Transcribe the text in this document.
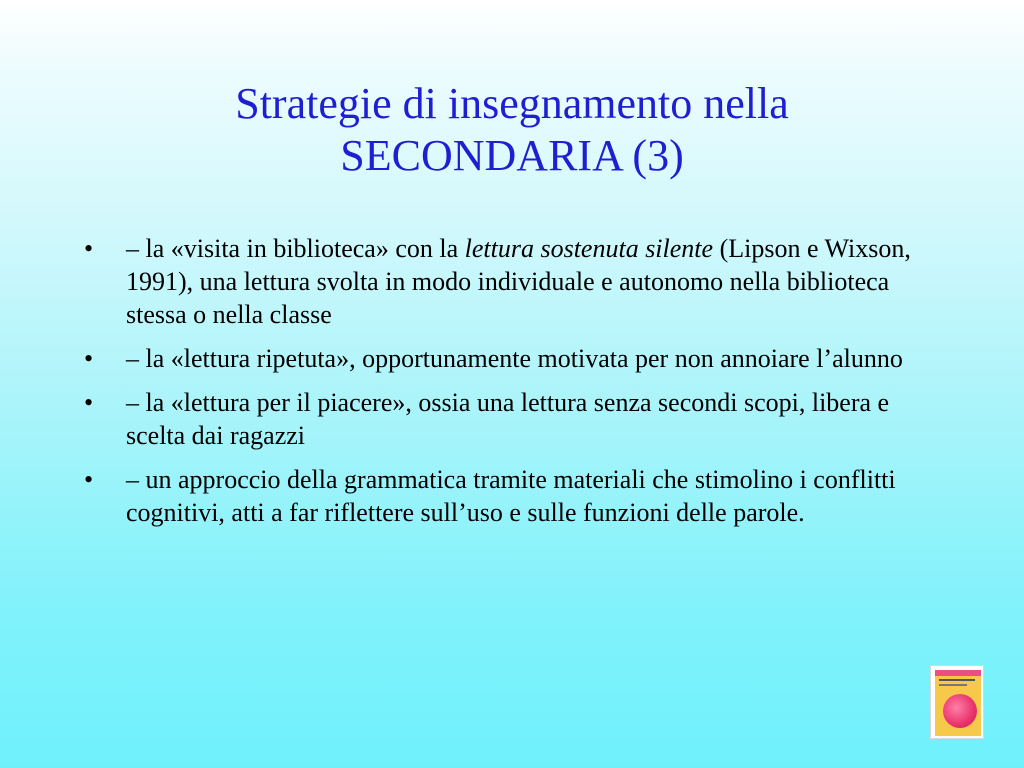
Strategie di insegnamento nella
SECONDARIA (3)
•	– la «visita in biblioteca» con la lettura sostenuta silente (Lipson e Wixson, 1991), una lettura svolta in modo individuale e autonomo nella biblioteca stessa o nella classe
•	– la «lettura ripetuta», opportunamente motivata per non annoiare l’alunno
•	– la «lettura per il piacere», ossia una lettura senza secondi scopi, libera e scelta dai ragazzi
•	– un approccio della grammatica tramite materiali che stimolino i conflitti cognitivi, atti a far riflettere sull’uso e sulle funzioni delle parole.
